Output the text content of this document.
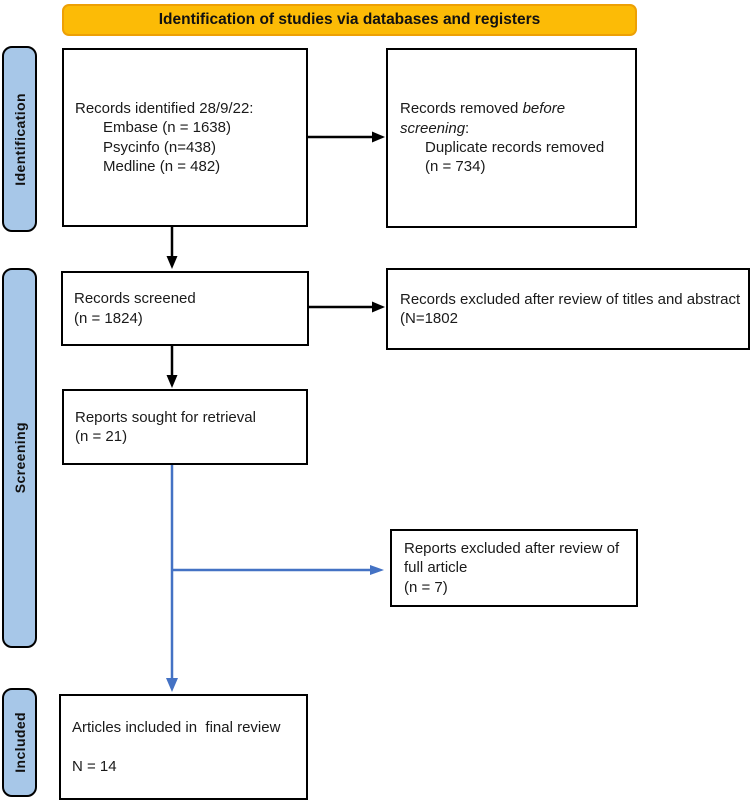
Identification of studies via databases and registers
Identification
Screening
Included
Records identified 28/9/22:
Embase (n = 1638)
Psycinfo (n=438)
Medline (n = 482)
Records removed before
screening:
Duplicate records removed
(n = 734)
Records screened
(n = 1824)
Records excluded after review of titles and abstract
(N=1802
Reports sought for retrieval
(n = 21)
Reports excluded after review of
full article
(n = 7)
Articles included in  final review
N = 14
